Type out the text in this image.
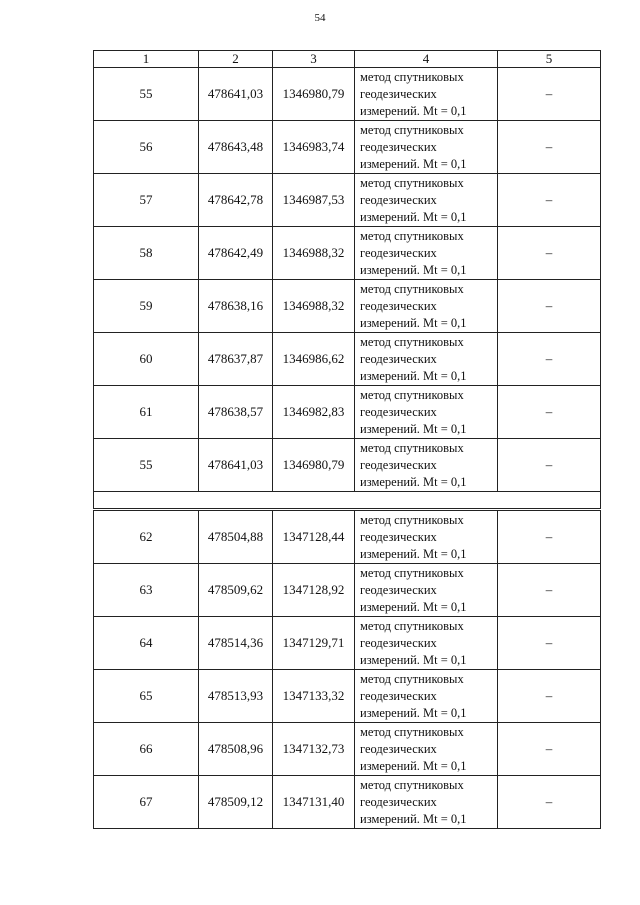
54
1	2	3	4	5
55	478641,03	1346980,79	метод спутниковых
геодезических
измерений. Mt = 0,1	–
56	478643,48	1346983,74	метод спутниковых
геодезических
измерений. Mt = 0,1	–
57	478642,78	1346987,53	метод спутниковых
геодезических
измерений. Mt = 0,1	–
58	478642,49	1346988,32	метод спутниковых
геодезических
измерений. Mt = 0,1	–
59	478638,16	1346988,32	метод спутниковых
геодезических
измерений. Mt = 0,1	–
60	478637,87	1346986,62	метод спутниковых
геодезических
измерений. Mt = 0,1	–
61	478638,57	1346982,83	метод спутниковых
геодезических
измерений. Mt = 0,1	–
55	478641,03	1346980,79	метод спутниковых
геодезических
измерений. Mt = 0,1	–

62	478504,88	1347128,44	метод спутниковых
геодезических
измерений. Mt = 0,1	–
63	478509,62	1347128,92	метод спутниковых
геодезических
измерений. Mt = 0,1	–
64	478514,36	1347129,71	метод спутниковых
геодезических
измерений. Mt = 0,1	–
65	478513,93	1347133,32	метод спутниковых
геодезических
измерений. Mt = 0,1	–
66	478508,96	1347132,73	метод спутниковых
геодезических
измерений. Mt = 0,1	–
67	478509,12	1347131,40	метод спутниковых
геодезических
измерений. Mt = 0,1	–
